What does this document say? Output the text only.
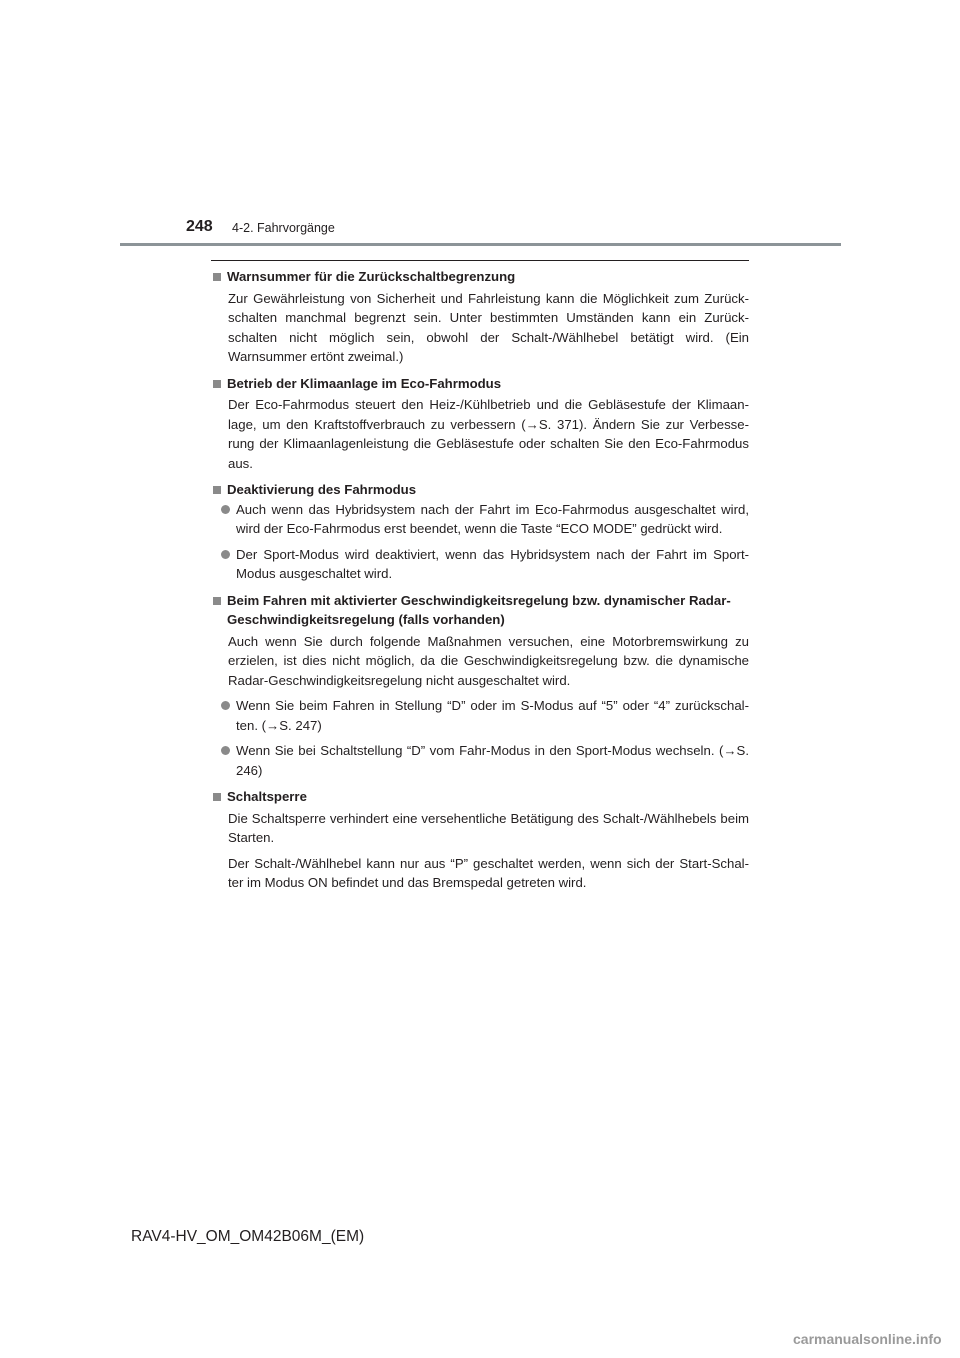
248 4-2. Fahrvorgänge
Warnsummer für die Zurückschaltbegrenzung
Zur Gewährleistung von Sicherheit und Fahrleistung kann die Möglichkeit zum Zurück-schalten manchmal begrenzt sein. Unter bestimmten Umständen kann ein Zurück-schalten nicht möglich sein, obwohl der Schalt-/Wählhebel betätigt wird. (Ein Warnsummer ertönt zweimal.)
Betrieb der Klimaanlage im Eco-Fahrmodus
Der Eco-Fahrmodus steuert den Heiz-/Kühlbetrieb und die Gebläsestufe der Klimaan-lage, um den Kraftstoffverbrauch zu verbessern (→S. 371). Ändern Sie zur Verbesse-rung der Klimaanlagenleistung die Gebläsestufe oder schalten Sie den Eco-Fahrmodus aus.
Deaktivierung des Fahrmodus
Auch wenn das Hybridsystem nach der Fahrt im Eco-Fahrmodus ausgeschaltet wird, wird der Eco-Fahrmodus erst beendet, wenn die Taste “ECO MODE” gedrückt wird.
Der Sport-Modus wird deaktiviert, wenn das Hybridsystem nach der Fahrt im Sport-Modus ausgeschaltet wird.
Beim Fahren mit aktivierter Geschwindigkeitsregelung bzw. dynamischer Radar-Geschwindigkeitsregelung (falls vorhanden)
Auch wenn Sie durch folgende Maßnahmen versuchen, eine Motorbremswirkung zu erzielen, ist dies nicht möglich, da die Geschwindigkeitsregelung bzw. die dynamische Radar-Geschwindigkeitsregelung nicht ausgeschaltet wird.
Wenn Sie beim Fahren in Stellung “D” oder im S-Modus auf “5” oder “4” zurückschal-ten. (→S. 247)
Wenn Sie bei Schaltstellung “D” vom Fahr-Modus in den Sport-Modus wechseln. (→S. 246)
Schaltsperre
Die Schaltsperre verhindert eine versehentliche Betätigung des Schalt-/Wählhebels beim Starten.
Der Schalt-/Wählhebel kann nur aus “P” geschaltet werden, wenn sich der Start-Schal-ter im Modus ON befindet und das Bremspedal getreten wird.
RAV4-HV_OM_OM42B06M_(EM)
carmanualsonline.info
